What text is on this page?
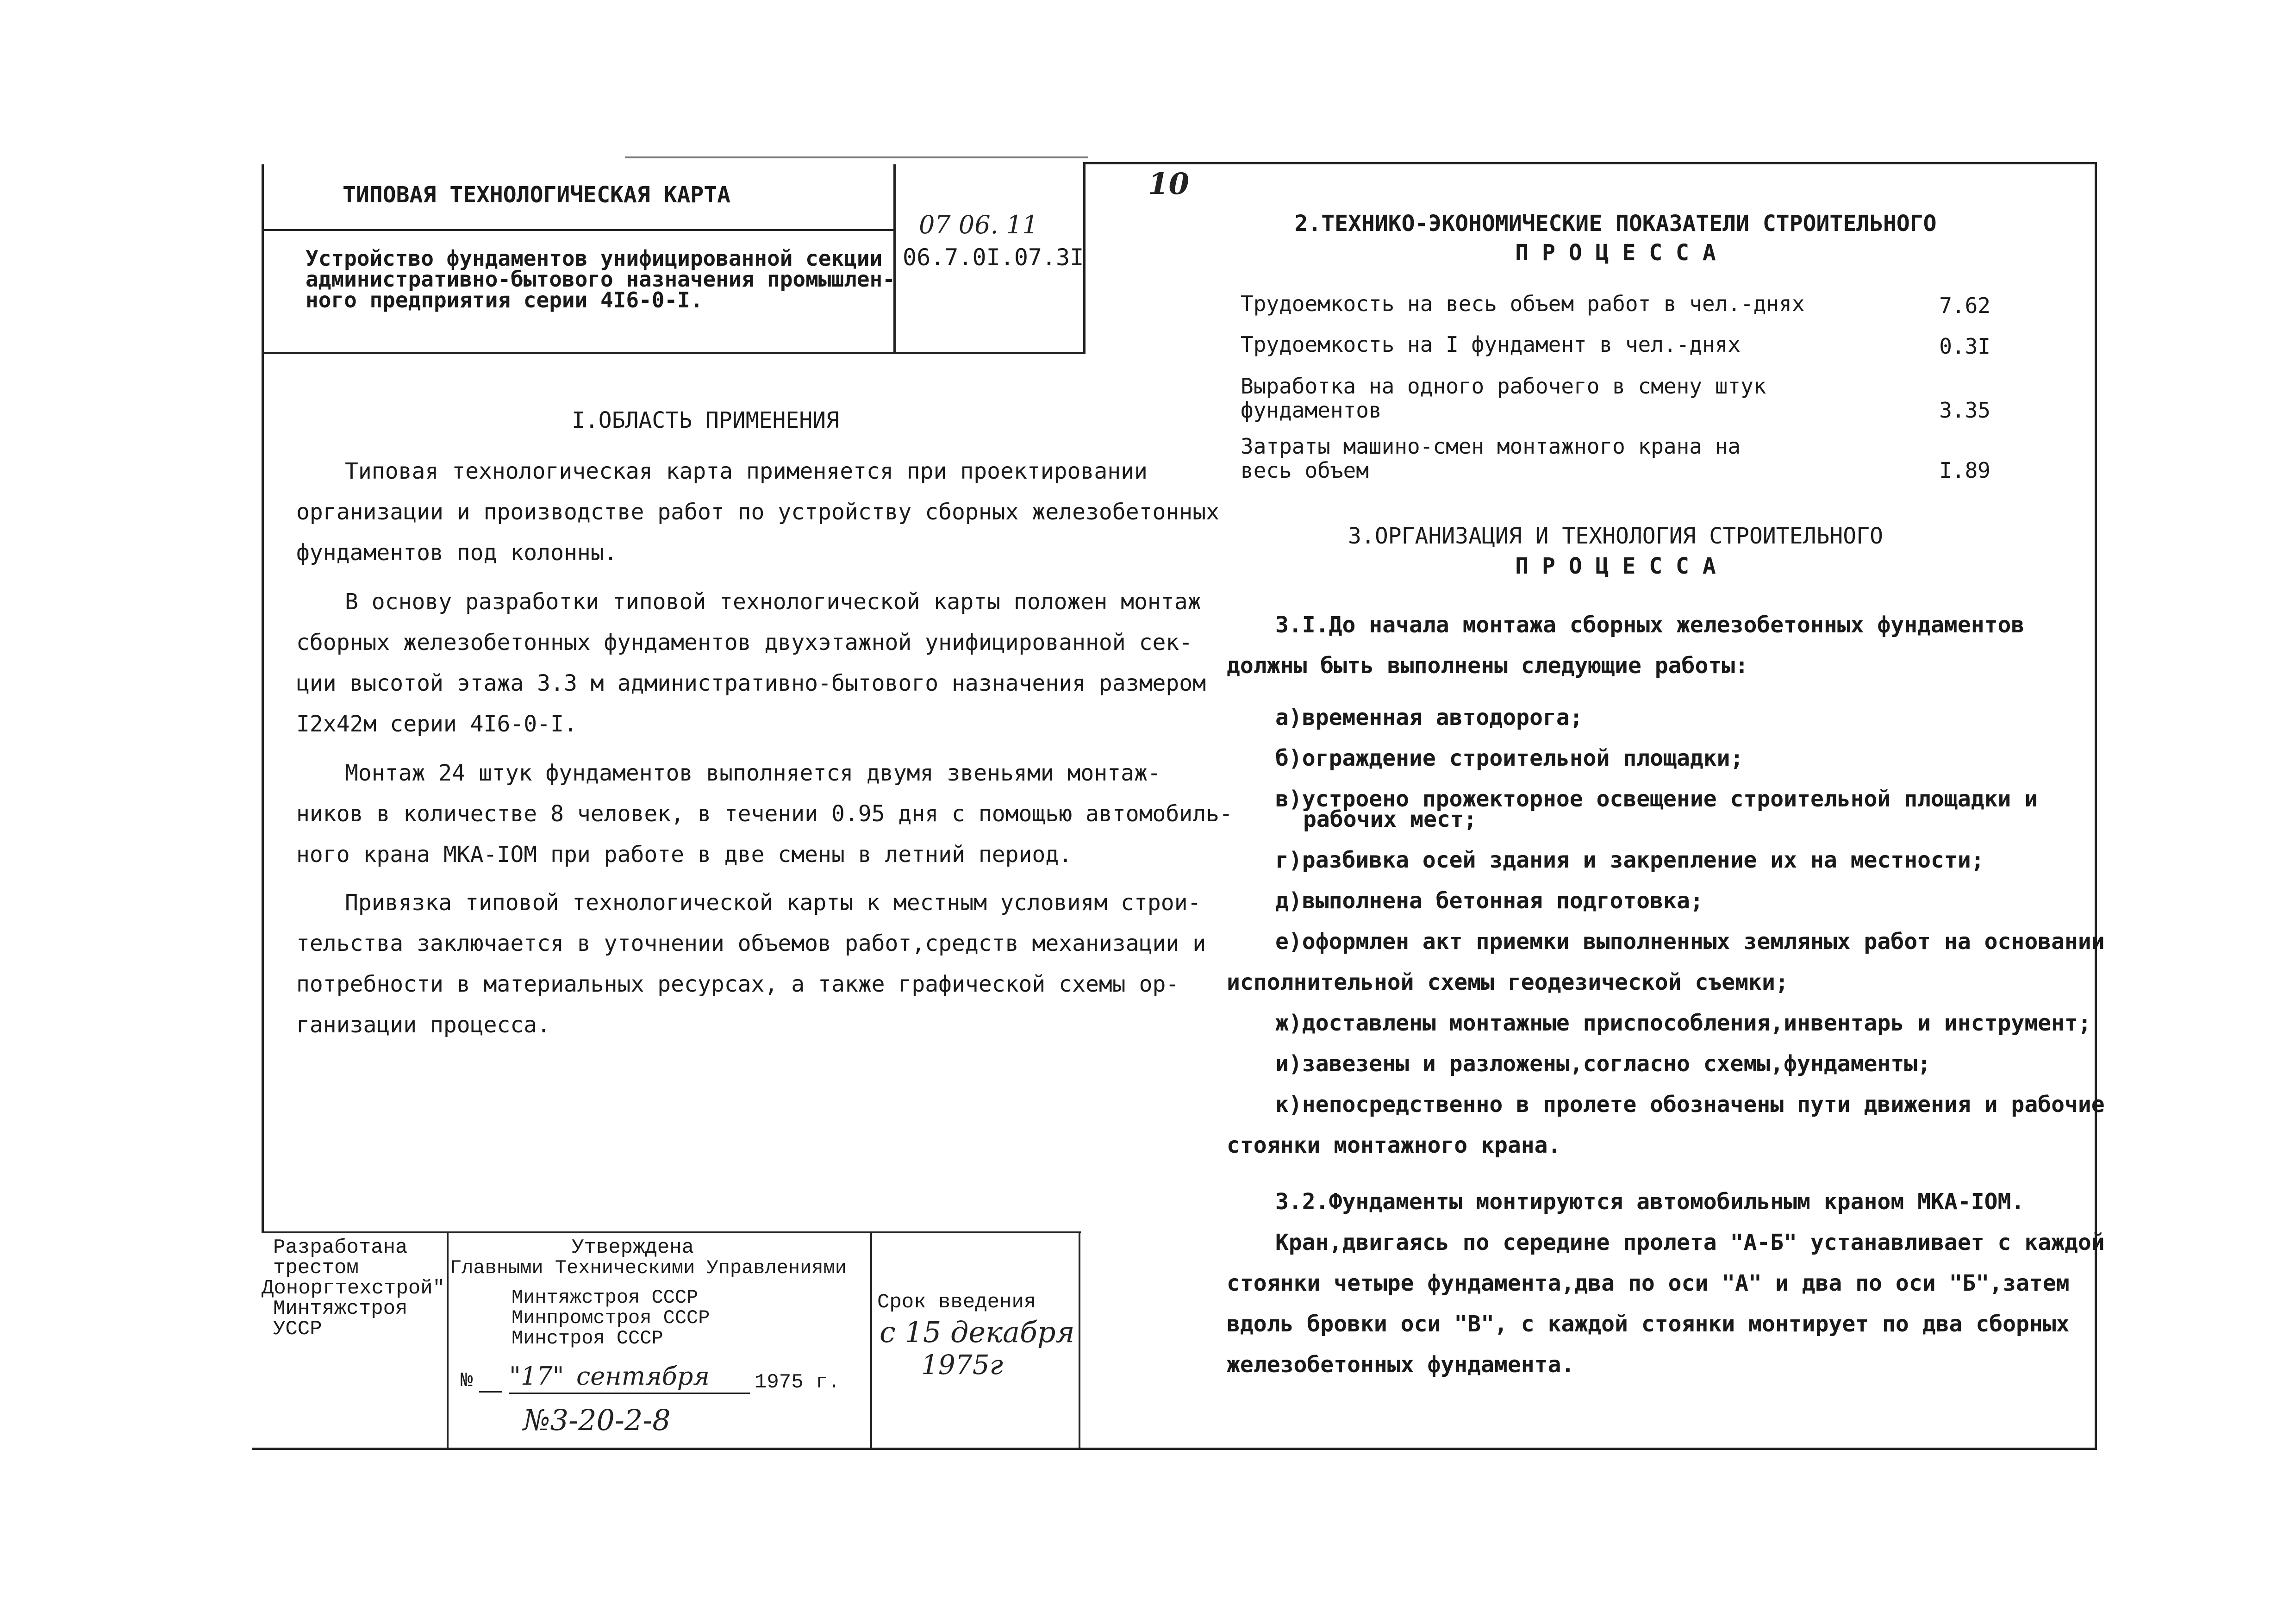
ТИПОВАЯ ТЕХНОЛОГИЧЕСКАЯ КАРТА
Устройство фундаментов унифицированной секции
административно-бытового назначения промышлен-
ного предприятия серии 4I6-0-I.
07 06. 11
06.7.0I.07.3I
10
I.ОБЛАСТЬ ПРИМЕНЕНИЯ
Типовая технологическая карта применяется при проектировании
организации и производстве работ по устройству сборных железобетонных
фундаментов под колонны.
В основу разработки типовой технологической карты положен монтаж
сборных железобетонных фундаментов двухэтажной унифицированной сек-
ции высотой этажа 3.3 м административно-бытового назначения размером
I2х42м серии 4I6-0-I.
Монтаж 24 штук фундаментов выполняется двумя звеньями монтаж-
ников в количестве 8 человек, в течении 0.95 дня с помощью автомобиль-
ного крана МКА-IОМ при работе в две смены в летний период.
Привязка типовой технологической карты к местным условиям строи-
тельства заключается в уточнении объемов работ,средств механизации и
потребности в материальных ресурсах, а также графической схемы ор-
ганизации процесса.
2.ТЕХНИКО-ЭКОНОМИЧЕСКИЕ ПОКАЗАТЕЛИ СТРОИТЕЛЬНОГО
П Р О Ц Е С С А
Трудоемкость на весь объем работ в чел.-днях	7.62
Трудоемкость на I фундамент в чел.-днях	0.3I
Выработка на одного рабочего в смену штук
фундаментов	3.35
Затраты машино-смен монтажного крана на
весь объем	I.89
3.ОРГАНИЗАЦИЯ И ТЕХНОЛОГИЯ СТРОИТЕЛЬНОГО
П Р О Ц Е С С А
3.I.До начала монтажа сборных железобетонных фундаментов
должны быть выполнены следующие работы:
а)временная автодорога;
б)ограждение строительной площадки;
в)устроено прожекторное освещение строительной площадки и
рабочих мест;
г)разбивка осей здания и закрепление их на местности;
д)выполнена бетонная подготовка;
е)оформлен акт приемки выполненных земляных работ на основании
исполнительной схемы геодезической съемки;
ж)доставлены монтажные приспособления,инвентарь и инструмент;
и)завезены и разложены,согласно схемы,фундаменты;
к)непосредственно в пролете обозначены пути движения и рабочие
стоянки монтажного крана.
3.2.Фундаменты монтируются автомобильным краном МКА-IОМ.
Кран,двигаясь по середине пролета "А-Б" устанавливает с каждой
стоянки четыре фундамента,два по оси "А" и два по оси "Б",затем
вдоль бровки оси "В", с каждой стоянки монтирует по два сборных
железобетонных фундамента.
Разработана
трестом
Доноргтехстрой"
Минтяжстроя
УССР
Утверждена
Главными Техническими Управлениями
Минтяжстроя СССР
Минпромстроя СССР
Минстроя СССР
№ "17" сентября 1975 г.
№3-20-2-8
Срок введения
с 15 декабря
1975г
